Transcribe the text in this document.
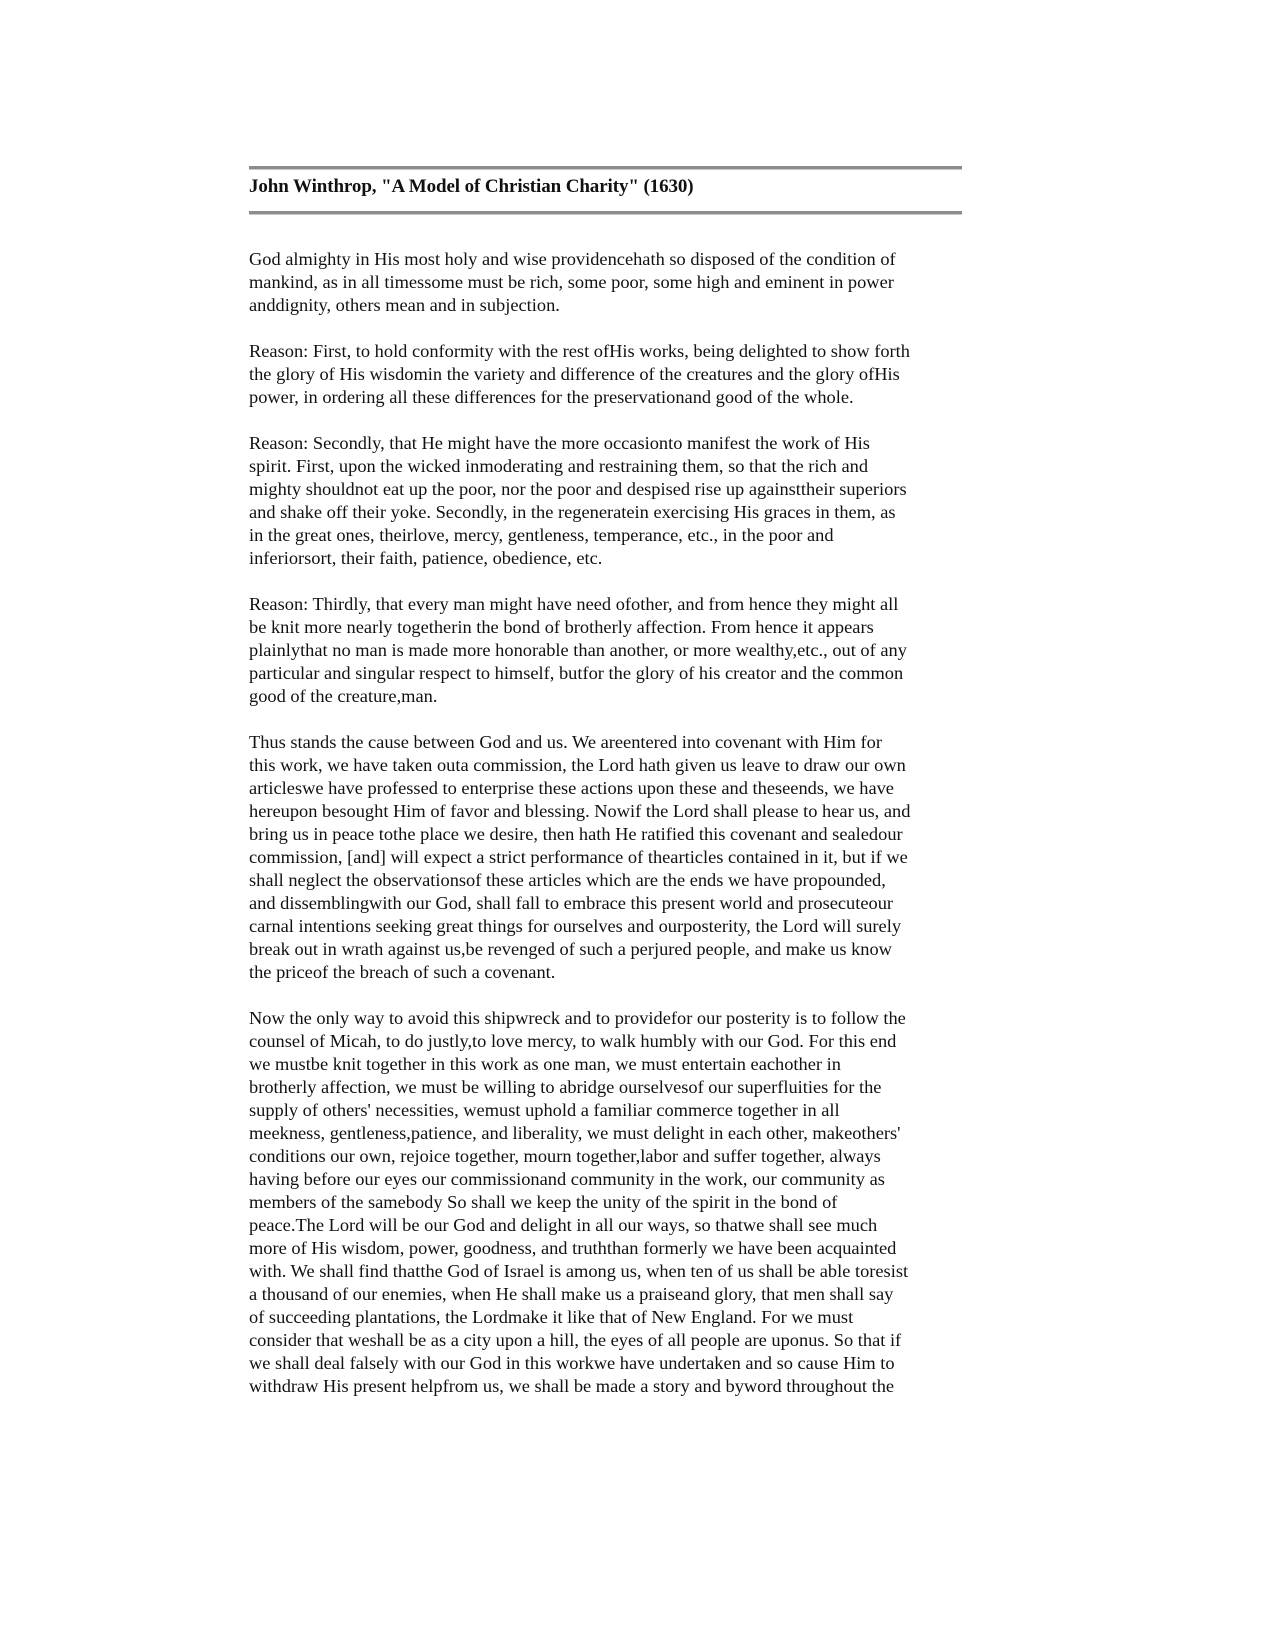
John Winthrop, "A Model of Christian Charity" (1630)

God almighty in His most holy and wise providencehath so disposed of the condition of
mankind, as in all timessome must be rich, some poor, some high and eminent in power
anddignity, others mean and in subjection.

Reason: First, to hold conformity with the rest ofHis works, being delighted to show forth
the glory of His wisdomin the variety and difference of the creatures and the glory ofHis
power, in ordering all these differences for the preservationand good of the whole.

Reason: Secondly, that He might have the more occasionto manifest the work of His
spirit. First, upon the wicked inmoderating and restraining them, so that the rich and
mighty shouldnot eat up the poor, nor the poor and despised rise up againsttheir superiors
and shake off their yoke. Secondly, in the regeneratein exercising His graces in them, as
in the great ones, theirlove, mercy, gentleness, temperance, etc., in the poor and
inferiorsort, their faith, patience, obedience, etc.

Reason: Thirdly, that every man might have need ofother, and from hence they might all
be knit more nearly togetherin the bond of brotherly affection. From hence it appears
plainlythat no man is made more honorable than another, or more wealthy,etc., out of any
particular and singular respect to himself, butfor the glory of his creator and the common
good of the creature,man.

Thus stands the cause between God and us. We areentered into covenant with Him for
this work, we have taken outa commission, the Lord hath given us leave to draw our own
articleswe have professed to enterprise these actions upon these and theseends, we have
hereupon besought Him of favor and blessing. Nowif the Lord shall please to hear us, and
bring us in peace tothe place we desire, then hath He ratified this covenant and sealedour
commission, [and] will expect a strict performance of thearticles contained in it, but if we
shall neglect the observationsof these articles which are the ends we have propounded,
and dissemblingwith our God, shall fall to embrace this present world and prosecuteour
carnal intentions seeking great things for ourselves and ourposterity, the Lord will surely
break out in wrath against us,be revenged of such a perjured people, and make us know
the priceof the breach of such a covenant.

Now the only way to avoid this shipwreck and to providefor our posterity is to follow the
counsel of Micah, to do justly,to love mercy, to walk humbly with our God. For this end
we mustbe knit together in this work as one man, we must entertain eachother in
brotherly affection, we must be willing to abridge ourselvesof our superfluities for the
supply of others' necessities, wemust uphold a familiar commerce together in all
meekness, gentleness,patience, and liberality, we must delight in each other, makeothers'
conditions our own, rejoice together, mourn together,labor and suffer together, always
having before our eyes our commissionand community in the work, our community as
members of the samebody So shall we keep the unity of the spirit in the bond of
peace.The Lord will be our God and delight in all our ways, so thatwe shall see much
more of His wisdom, power, goodness, and truththan formerly we have been acquainted
with. We shall find thatthe God of Israel is among us, when ten of us shall be able toresist
a thousand of our enemies, when He shall make us a praiseand glory, that men shall say
of succeeding plantations, the Lordmake it like that of New England. For we must
consider that weshall be as a city upon a hill, the eyes of all people are uponus. So that if
we shall deal falsely with our God in this workwe have undertaken and so cause Him to
withdraw His present helpfrom us, we shall be made a story and byword throughout the
